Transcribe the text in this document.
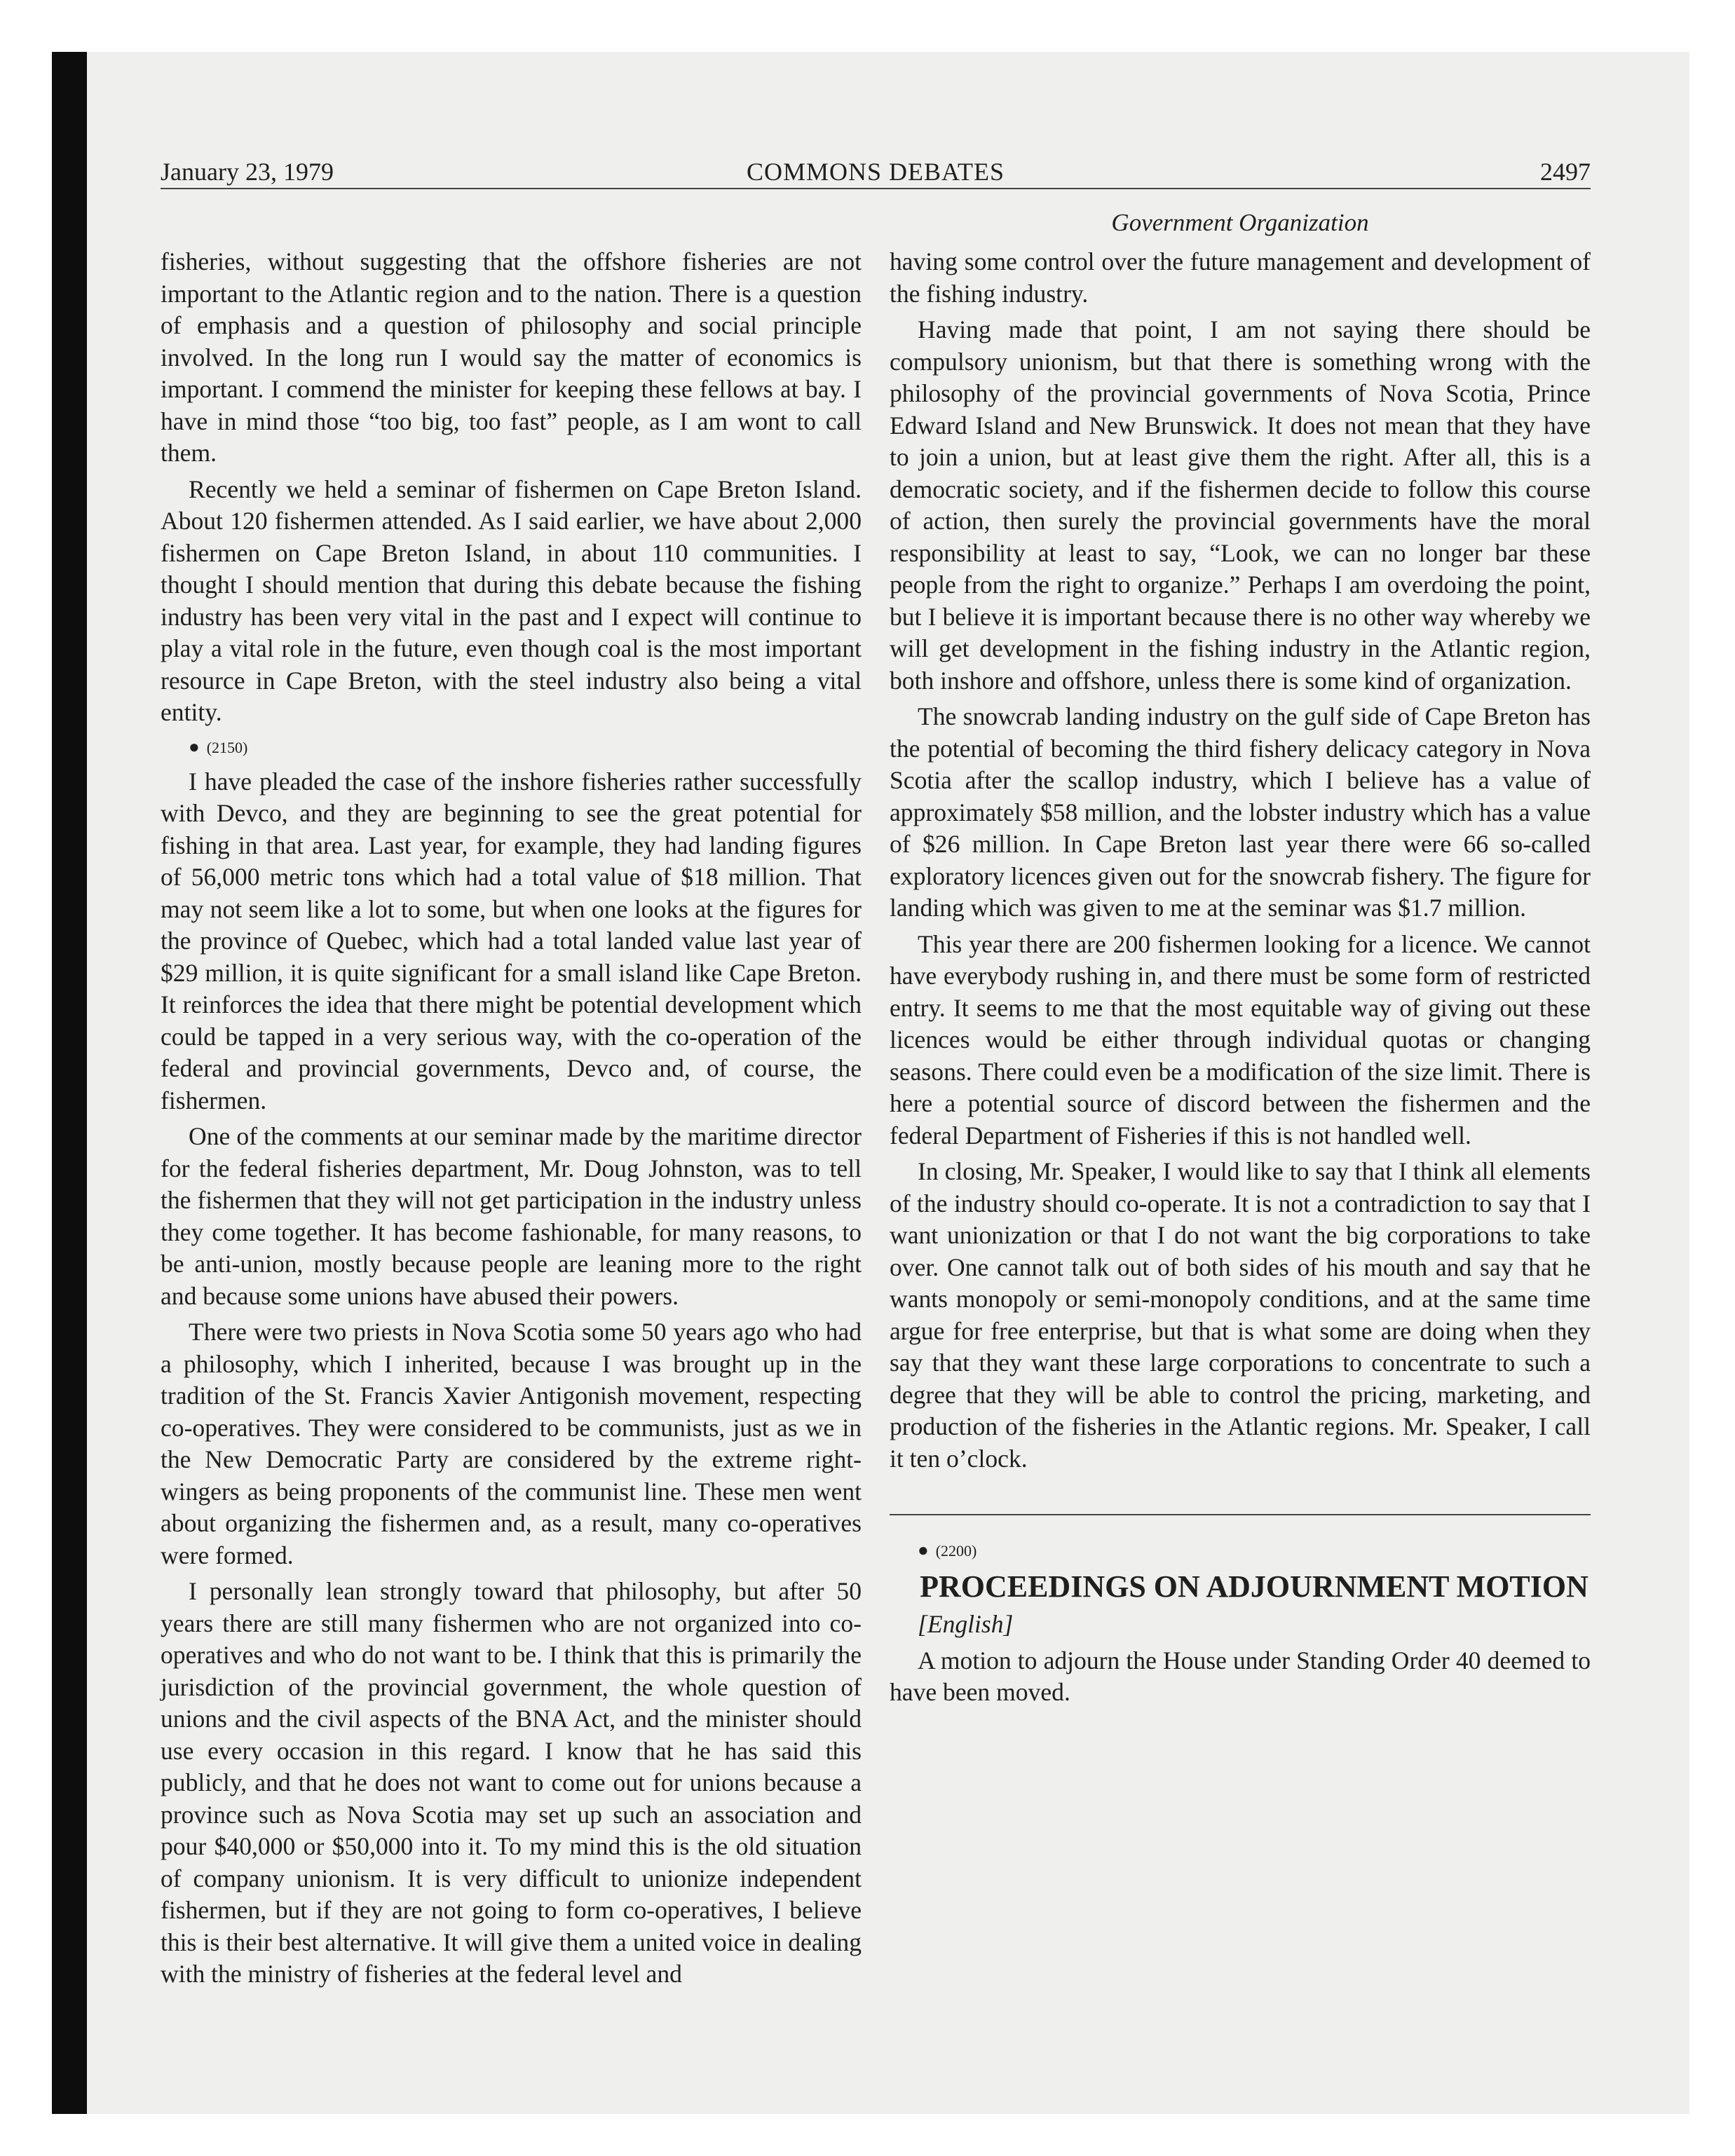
January 23, 1979	COMMONS DEBATES	2497
Government Organization

fisheries, without suggesting that the offshore fisheries are not important to the Atlantic region and to the nation. There is a question of emphasis and a question of philosophy and social principle involved. In the long run I would say the matter of economics is important. I commend the minister for keeping these fellows at bay. I have in mind those “too big, too fast” people, as I am wont to call them.

Recently we held a seminar of fishermen on Cape Breton Island. About 120 fishermen attended. As I said earlier, we have about 2,000 fishermen on Cape Breton Island, in about 110 communities. I thought I should mention that during this debate because the fishing industry has been very vital in the past and I expect will continue to play a vital role in the future, even though coal is the most important resource in Cape Breton, with the steel industry also being a vital entity.

● (2150)

I have pleaded the case of the inshore fisheries rather successfully with Devco, and they are beginning to see the great potential for fishing in that area. Last year, for example, they had landing figures of 56,000 metric tons which had a total value of $18 million. That may not seem like a lot to some, but when one looks at the figures for the province of Quebec, which had a total landed value last year of $29 million, it is quite significant for a small island like Cape Breton. It reinforces the idea that there might be potential development which could be tapped in a very serious way, with the co-operation of the federal and provincial governments, Devco and, of course, the fishermen.

One of the comments at our seminar made by the maritime director for the federal fisheries department, Mr. Doug Johnston, was to tell the fishermen that they will not get participation in the industry unless they come together. It has become fashionable, for many reasons, to be anti-union, mostly because people are leaning more to the right and because some unions have abused their powers.

There were two priests in Nova Scotia some 50 years ago who had a philosophy, which I inherited, because I was brought up in the tradition of the St. Francis Xavier Antigonish movement, respecting co-operatives. They were considered to be communists, just as we in the New Democratic Party are considered by the extreme right-wingers as being proponents of the communist line. These men went about organizing the fishermen and, as a result, many co-operatives were formed.

I personally lean strongly toward that philosophy, but after 50 years there are still many fishermen who are not organized into co-operatives and who do not want to be. I think that this is primarily the jurisdiction of the provincial government, the whole question of unions and the civil aspects of the BNA Act, and the minister should use every occasion in this regard. I know that he has said this publicly, and that he does not want to come out for unions because a province such as Nova Scotia may set up such an association and pour $40,000 or $50,000 into it. To my mind this is the old situation of company unionism. It is very difficult to unionize independent fishermen, but if they are not going to form co-operatives, I believe this is their best alternative. It will give them a united voice in dealing with the ministry of fisheries at the federal level and

having some control over the future management and development of the fishing industry.

Having made that point, I am not saying there should be compulsory unionism, but that there is something wrong with the philosophy of the provincial governments of Nova Scotia, Prince Edward Island and New Brunswick. It does not mean that they have to join a union, but at least give them the right. After all, this is a democratic society, and if the fishermen decide to follow this course of action, then surely the provincial governments have the moral responsibility at least to say, “Look, we can no longer bar these people from the right to organize.” Perhaps I am overdoing the point, but I believe it is important because there is no other way whereby we will get development in the fishing industry in the Atlantic region, both inshore and offshore, unless there is some kind of organization.

The snowcrab landing industry on the gulf side of Cape Breton has the potential of becoming the third fishery delicacy category in Nova Scotia after the scallop industry, which I believe has a value of approximately $58 million, and the lobster industry which has a value of $26 million. In Cape Breton last year there were 66 so-called exploratory licences given out for the snowcrab fishery. The figure for landing which was given to me at the seminar was $1.7 million.

This year there are 200 fishermen looking for a licence. We cannot have everybody rushing in, and there must be some form of restricted entry. It seems to me that the most equitable way of giving out these licences would be either through individual quotas or changing seasons. There could even be a modification of the size limit. There is here a potential source of discord between the fishermen and the federal Department of Fisheries if this is not handled well.

In closing, Mr. Speaker, I would like to say that I think all elements of the industry should co-operate. It is not a contradiction to say that I want unionization or that I do not want the big corporations to take over. One cannot talk out of both sides of his mouth and say that he wants monopoly or semi-monopoly conditions, and at the same time argue for free enterprise, but that is what some are doing when they say that they want these large corporations to concentrate to such a degree that they will be able to control the pricing, marketing, and production of the fisheries in the Atlantic regions. Mr. Speaker, I call it ten o’clock.

● (2200)

PROCEEDINGS ON ADJOURNMENT MOTION

[English]

A motion to adjourn the House under Standing Order 40 deemed to have been moved.
